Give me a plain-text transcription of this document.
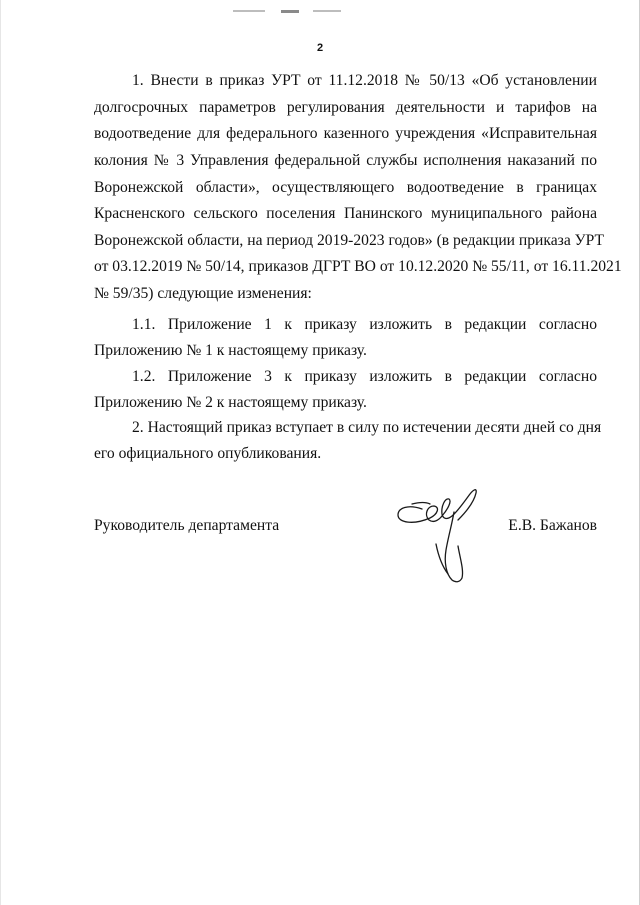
2
1. Внести в приказ УРТ от 11.12.2018 № 50/13 «Об установлении
долгосрочных параметров регулирования деятельности и тарифов на
водоотведение для федерального казенного учреждения «Исправительная
колония № 3 Управления федеральной службы исполнения наказаний по
Воронежской области», осуществляющего водоотведение в границах
Красненского сельского поселения Панинского муниципального района
Воронежской области, на период 2019-2023 годов» (в редакции приказа УРТ
от 03.12.2019 № 50/14, приказов ДГРТ ВО от 10.12.2020 № 55/11, от 16.11.2021
№ 59/35) следующие изменения:
1.1. Приложение 1 к приказу изложить в редакции согласно
Приложению № 1 к настоящему приказу.
1.2. Приложение 3 к приказу изложить в редакции согласно
Приложению № 2 к настоящему приказу.
2. Настоящий приказ вступает в силу по истечении десяти дней со дня
его официального опубликования.
Руководитель департамента	Е.В. Бажанов
